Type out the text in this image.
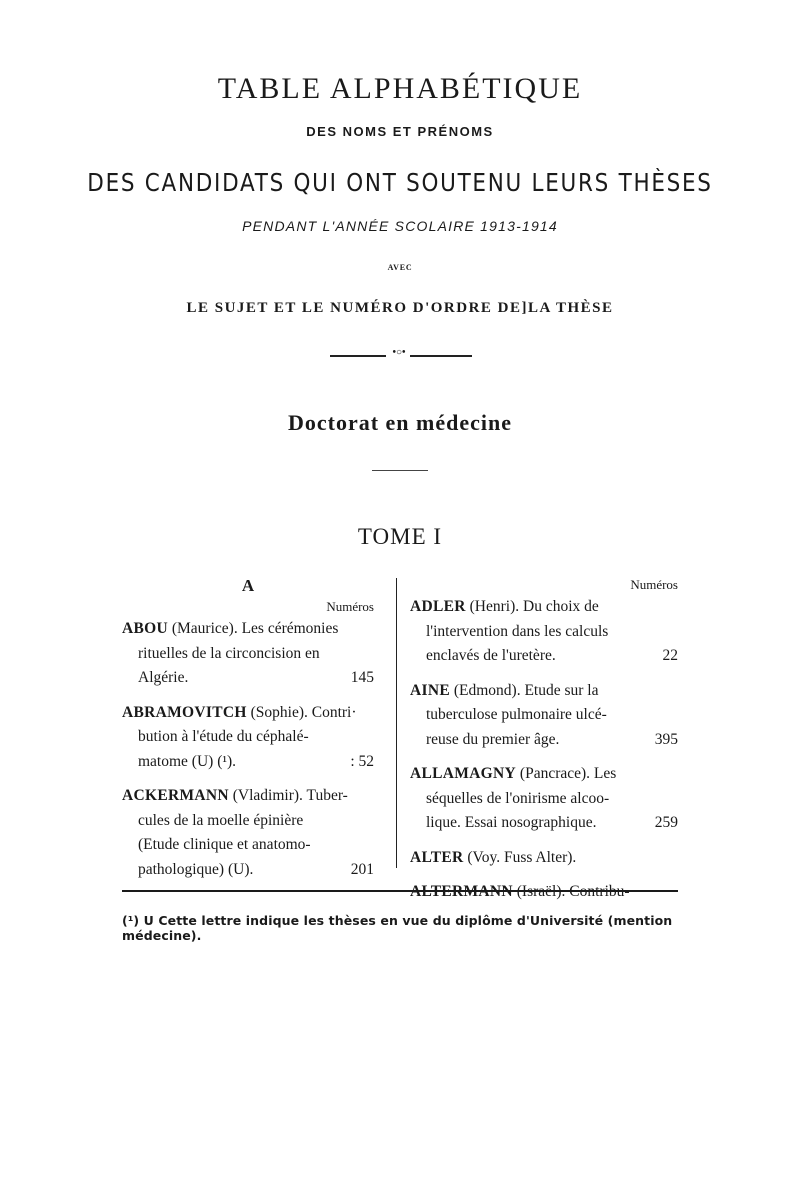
TABLE ALPHABÉTIQUE
DES NOMS ET PRÉNOMS
DES CANDIDATS QUI ONT SOUTENU LEURS THÈSES
PENDANT L'ANNÉE SCOLAIRE 1913-1914
AVEC
LE SUJET ET LE NUMÉRO D'ORDRE DE]LA THÈSE
•○•
Doctorat en médecine
TOME I
A
Numéros
ABOU (Maurice). Les cérémonies
rituelles de la circoncision en
Algérie.	145
ABRAMOVITCH (Sophie). Contri·
bution à l'étude du céphalé-
matome (U) (¹).	: 52
ACKERMANN (Vladimir). Tuber-
cules de la moelle épinière
(Etude clinique et anatomo-
pathologique) (U).	201
Numéros
ADLER (Henri). Du choix de
l'intervention dans les calculs
enclavés de l'uretère.	22
AINE (Edmond). Etude sur la
tuberculose pulmonaire ulcé-
reuse du premier âge.	395
ALLAMAGNY (Pancrace). Les
séquelles de l'onirisme alcoo-
lique. Essai nosographique.	259
ALTER (Voy. Fuss Alter).
(¹) U Cette lettre indique les thèses en vue du diplôme d'Université (mention médecine).
